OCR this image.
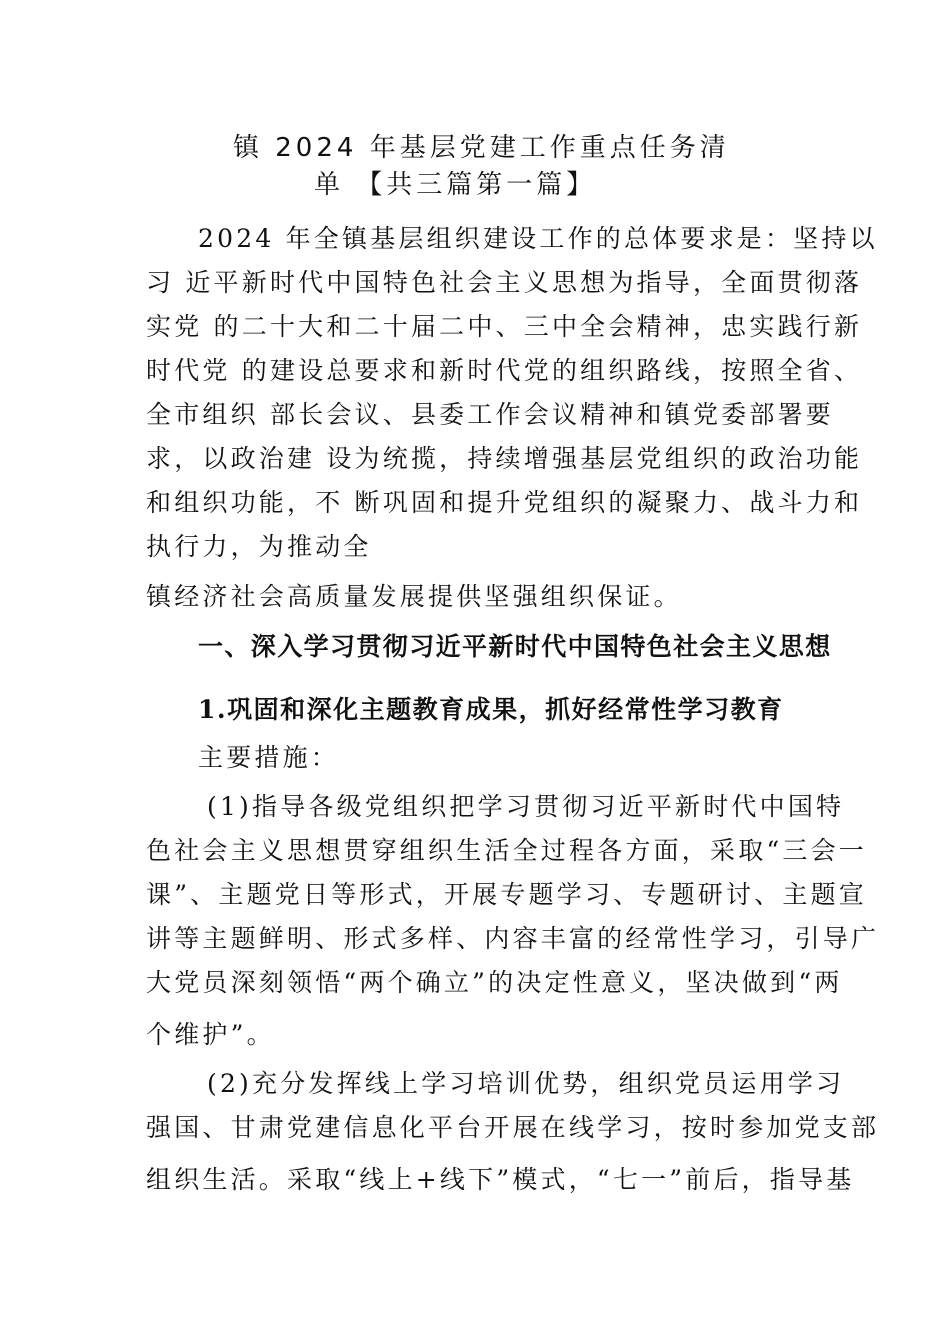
镇 2024 年基层党建工作重点任务清
单 【共三篇第一篇】
2024 年全镇基层组织建设工作的总体要求是：坚持以
习 近平新时代中国特色社会主义思想为指导，全面贯彻落
实党 的二十大和二十届二中、三中全会精神，忠实践行新
时代党 的建设总要求和新时代党的组织路线，按照全省、
全市组织 部长会议、县委工作会议精神和镇党委部署要
求，以政治建 设为统揽，持续增强基层党组织的政治功能
和组织功能，不 断巩固和提升党组织的凝聚力、战斗力和
执行力，为推动全
镇经济社会高质量发展提供坚强组织保证。
一、深入学习贯彻习近平新时代中国特色社会主义思想
1.巩固和深化主题教育成果，抓好经常性学习教育
主要措施：
(1)指导各级党组织把学习贯彻习近平新时代中国特
色社会主义思想贯穿组织生活全过程各方面，采取“三会一
课”、主题党日等形式，开展专题学习、专题研讨、主题宣
讲等主题鲜明、形式多样、内容丰富的经常性学习，引导广
大党员深刻领悟“两个确立”的决定性意义，坚决做到“两
个维护”。
(2)充分发挥线上学习培训优势，组织党员运用学习
强国、甘肃党建信息化平台开展在线学习，按时参加党支部
组织生活。采取“线上+线下”模式，“七一”前后，指导基
